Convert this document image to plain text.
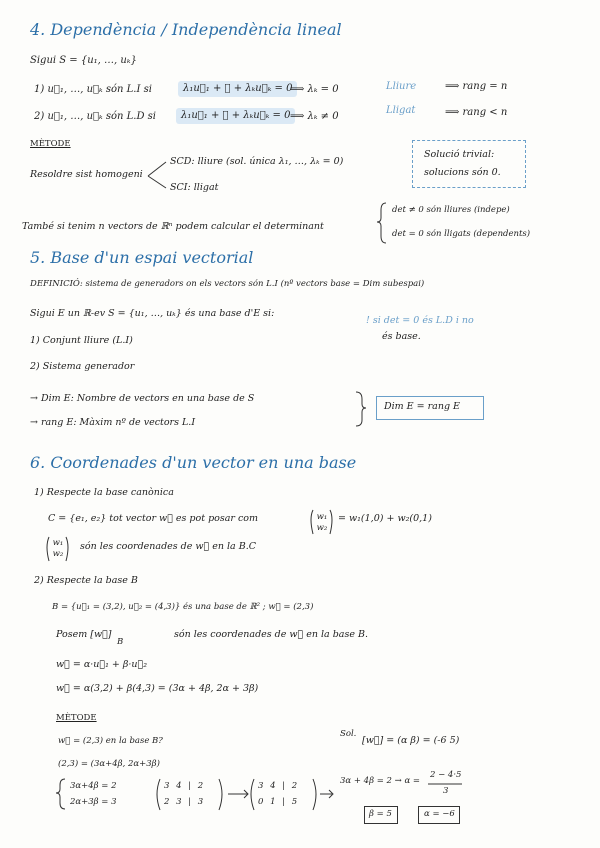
4. Dependència / Independència lineal
Sigui S = {u₁, …, uₖ}
1) u⃗₁, …, u⃗ₖ són L.I si	λ₁u⃗₁ + ⋯ + λₖu⃗ₖ = 0
⟹ λₖ = 0	Lliure	⟹ rang = n
2) u⃗₁, …, u⃗ₖ són L.D si	λ₁u⃗₁ + ⋯ + λₖu⃗ₖ = 0 ⟹ λₖ ≠ 0
Lligat	⟹ rang < n
MÈTODE
Resoldre sist homogeni
SCD: lliure (sol. única λ₁, …, λₖ = 0)
SCI: lligat
Solució trivial:
solucions són 0.
També si tenim n vectors de ℝⁿ podem calcular el determinant
det ≠ 0 són lliures (indepe)
det = 0 són lligats (dependents)
5. Base d'un espai vectorial
DEFINICIÓ: sistema de generadors on els vectors són L.I (nº vectors base = Dim subespai)
Sigui E un ℝ-ev S = {u₁, …, uₖ} és una base d'E si:
1) Conjunt lliure (L.I)
2) Sistema generador
! si det = 0 és L.D i no
és base.
→ Dim E: Nombre de vectors en una base de S
→ rang E: Màxim nº de vectors L.I
Dim E = rang E
6. Coordenades d'un vector en una base
1) Respecte la base canònica
C = {e₁, e₂} tot vector w⃗ es pot posar com	w₁ w₂
= w₁(1,0) + w₂(0,1)
w₁ w₂
són les coordenades de w⃗ en la B.C
2) Respecte la base B
B = {u⃗₁ = (3,2), u⃗₂ = (4,3)} és una base de ℝ² ; w⃗ = (2,3)
Posem [w⃗]
B
són les coordenades de w⃗ en la base B.
w⃗ = α·u⃗₁ + β·u⃗₂
w⃗ = α(3,2) + β(4,3) = (3α + 4β, 2α + 3β)
MÈTODE
w⃗ = (2,3) en la base B?
(2,3) = (3α+4β, 2α+3β)
3α+4β = 2
2α+3β = 3
3 4 | 2
2 3 | 3
3 4 | 2
0 1 | 5
Sol.
[w⃗] = (α β) = (-6 5)
3α + 4β = 2 → α =
2 − 4·5
3
β = 5	α = −6
